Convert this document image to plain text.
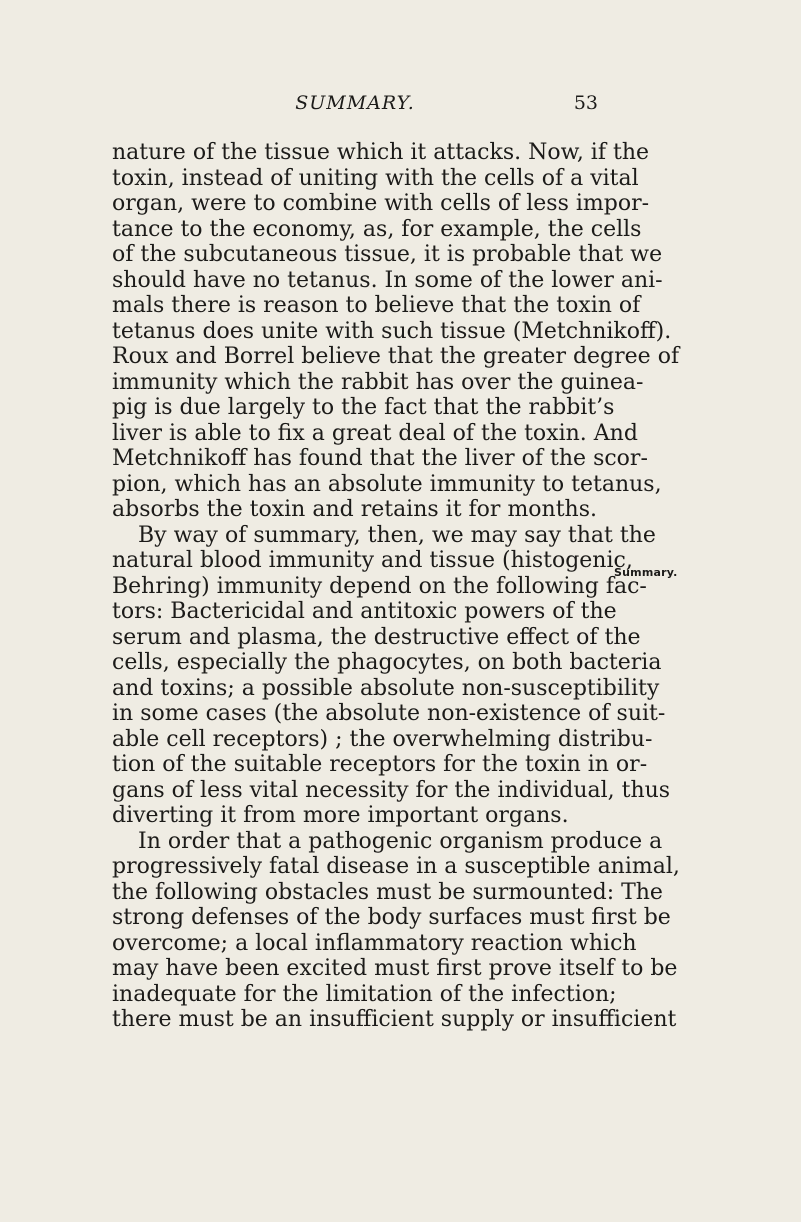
SUMMARY.	53
Summary.
nature of the tissue which it attacks. Now, if the
toxin, instead of uniting with the cells of a vital
organ, were to combine with cells of less impor-
tance to the economy, as, for example, the cells
of the subcutaneous tissue, it is probable that we
should have no tetanus. In some of the lower ani-
mals there is reason to believe that the toxin of
tetanus does unite with such tissue (Metchnikoff).
Roux and Borrel believe that the greater degree of
immunity which the rabbit has over the guinea-
pig is due largely to the fact that the rabbit’s
liver is able to fix a great deal of the toxin. And
Metchnikoff has found that the liver of the scor-
pion, which has an absolute immunity to tetanus,
absorbs the toxin and retains it for months.
By way of summary, then, we may say that the
natural blood immunity and tissue (histogenic,
Behring) immunity depend on the following fac-
tors: Bactericidal and antitoxic powers of the
serum and plasma, the destructive effect of the
cells, especially the phagocytes, on both bacteria
and toxins; a possible absolute non-susceptibility
in some cases (the absolute non-existence of suit-
able cell receptors) ; the overwhelming distribu-
tion of the suitable receptors for the toxin in or-
gans of less vital necessity for the individual, thus
diverting it from more important organs.
In order that a pathogenic organism produce a
progressively fatal disease in a susceptible animal,
the following obstacles must be surmounted: The
strong defenses of the body surfaces must first be
overcome; a local inflammatory reaction which
may have been excited must first prove itself to be
inadequate for the limitation of the infection;
there must be an insufficient supply or insufficient
